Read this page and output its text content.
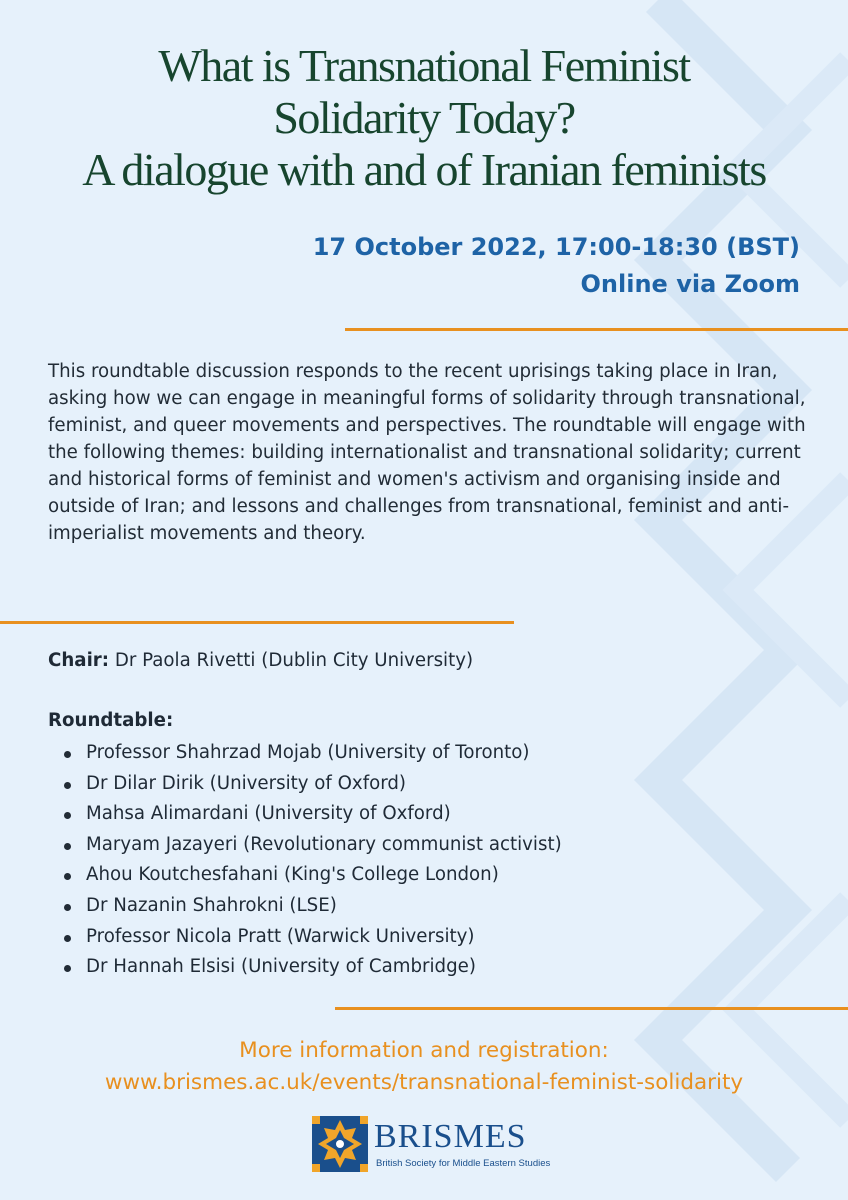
What is Transnational Feminist
Solidarity Today?
A dialogue with and of Iranian feminists
17 October 2022, 17:00-18:30 (BST)
Online via Zoom
This roundtable discussion responds to the recent uprisings taking place in Iran, asking how we can engage in meaningful forms of solidarity through transnational, feminist, and queer movements and perspectives. The roundtable will engage with the following themes: building internationalist and transnational solidarity; current and historical forms of feminist and women's activism and organising inside and outside of Iran; and lessons and challenges from transnational, feminist and anti-imperialist movements and theory.
Chair: Dr Paola Rivetti (Dublin City University)
Roundtable:
Professor Shahrzad Mojab (University of Toronto)
Dr Dilar Dirik (University of Oxford)
Mahsa Alimardani (University of Oxford)
Maryam Jazayeri (Revolutionary communist activist)
Ahou Koutchesfahani (King's College London)
Dr Nazanin Shahrokni (LSE)
Professor Nicola Pratt (Warwick University)
Dr Hannah Elsisi (University of Cambridge)
More information and registration:
www.brismes.ac.uk/events/transnational-feminist-solidarity
BRISMES
British Society for Middle Eastern Studies
